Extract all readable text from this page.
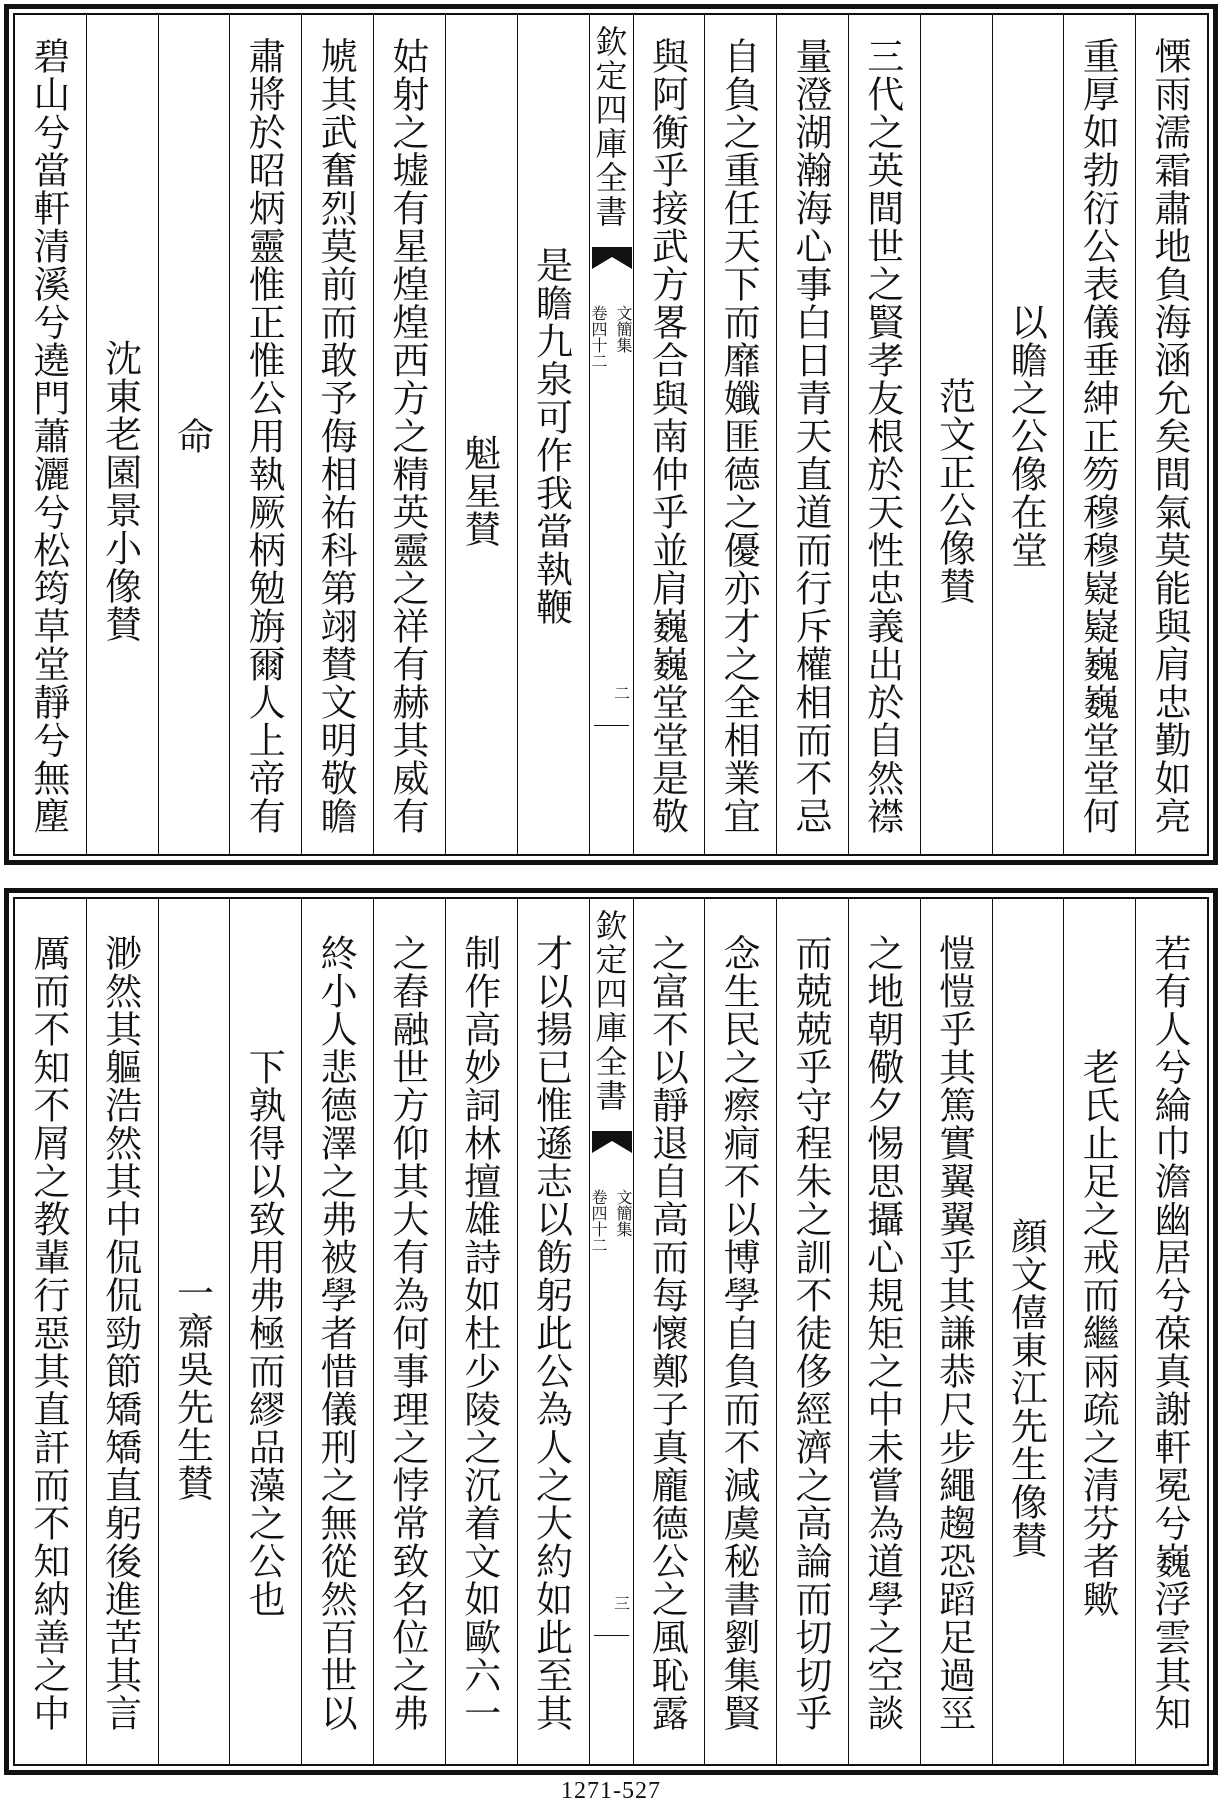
慄雨濡霜肅地負海涵允矣間氣莫能與肩忠勤如亮
重厚如勃衍公表儀垂紳正笏穆穆嶷嶷巍巍堂堂何
以瞻之公像在堂
范文正公像賛
三代之英間世之賢孝友根於天性忠義出於自然襟
量澄湖瀚海心事白日青天直道而行斥權相而不忌
自負之重任天下而靡孅匪德之優亦才之全相業宜
與阿衡乎接武方畧合與南仲乎並肩巍巍堂堂是敬
欽定四庫全書
文簡集
卷四十二
二
是瞻九泉可作我當執鞭
魁星賛
姑射之墟有星煌煌西方之精英靈之祥有赫其威有
虓其武奮烈莫前而敢予侮相祐科第翊賛文明敬瞻
肅將於昭炳靈惟正惟公用執厥柄勉旃爾人上帝有
命
沈東老園景小像賛
碧山兮當軒清溪兮遶門蕭灑兮松筠草堂靜兮無塵
若有人兮綸巾澹幽居兮葆真謝軒冕兮巍浮雲其知
老氏止足之戒而繼兩疏之清芬者歟
顔文僖東江先生像賛
愷愷乎其篤實翼翼乎其謙恭尺步繩趨恐蹈足過巠
之地朝儆夕惕思攝心規矩之中未嘗為道學之空談
而兢兢乎守程朱之訓不徒侈經濟之高論而切切乎
念生民之瘵痌不以博學自負而不減虞秘書劉集賢
之富不以靜退自高而每懷鄭子真龐德公之風恥露
欽定四庫全書
文簡集
卷四十二
三
才以揚已惟遜志以飭躬此公為人之大約如此至其
制作高妙詞林擅雄詩如杜少陵之沉着文如歐六一
之舂融世方仰其大有為何事理之悖常致名位之弗
終小人悲德澤之弗被學者惜儀刑之無從然百世以
下孰得以致用弗極而繆品藻之公也
一齋吳先生賛
渺然其軀浩然其中侃侃勁節矯矯直躬後進苦其言
厲而不知不屑之教輩行惡其直訐而不知納善之中
1271-527
